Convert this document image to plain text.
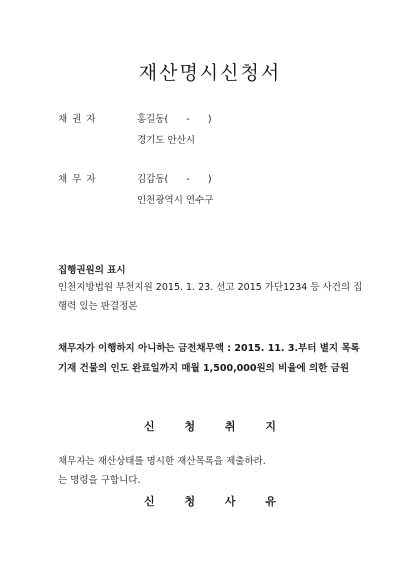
재산명시신청서
채 권 자	홍길동(      -      )
경기도 안산시
채 무 자	김갑동(      -      )
인천광역시 연수구
집행권원의 표시
인천지방법원 부천지원 2015. 1. 23. 선고 2015 가단1234 등 사건의 집행력 있는 판결정본
채무자가 이행하지 아니하는 금전채무액 : 2015. 11. 3.부터 별지 목록 기재 건물의 인도 완료일까지 매월 1,500,000원의 비율에 의한 금원
신 청 취 지
채무자는 재산상태를 명시한 재산목록을 제출하라.
는 명령을 구합니다.
신 청 사 유
